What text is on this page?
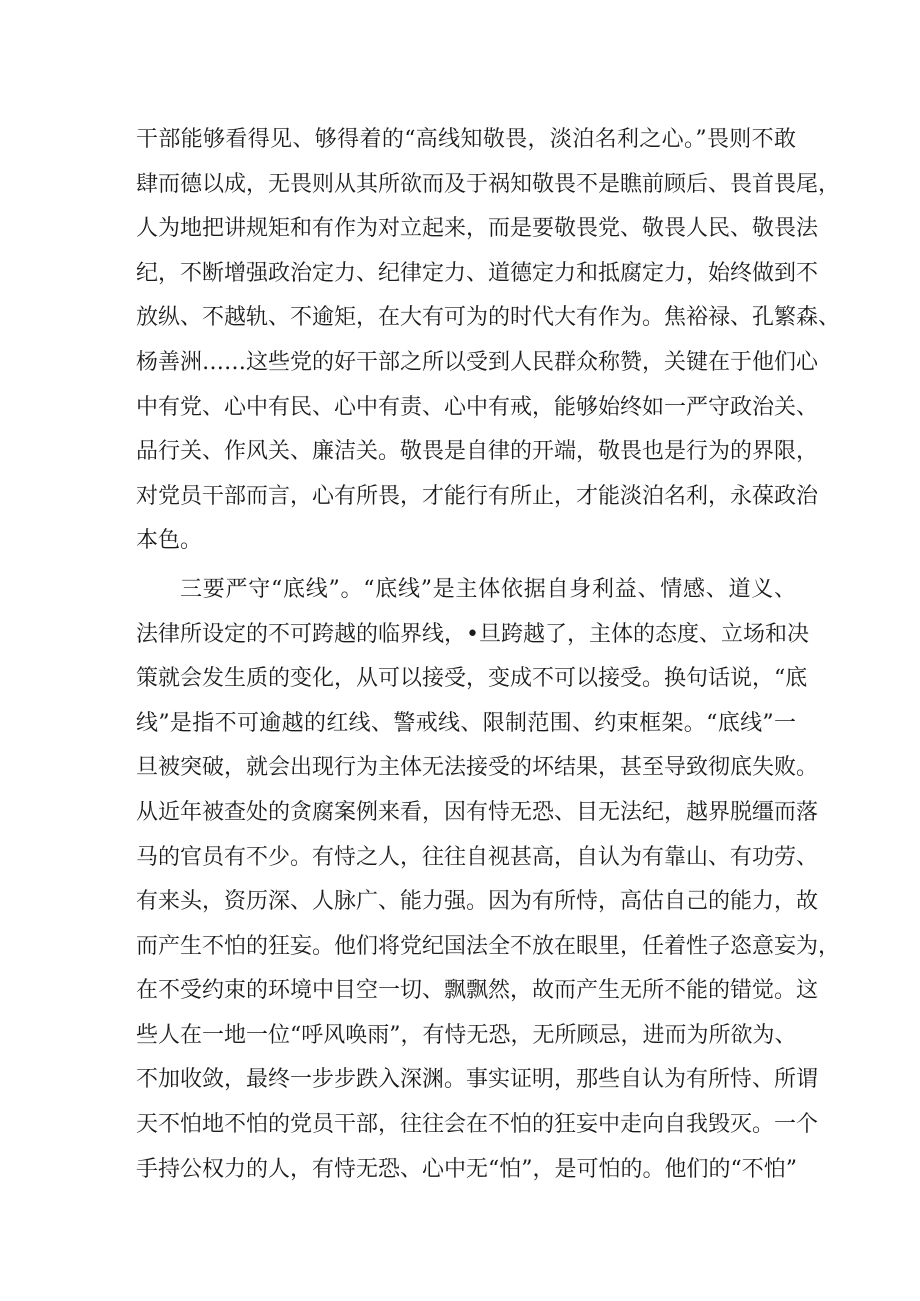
干部能够看得见、够得着的“高线知敬畏，淡泊名利之心。”畏则不敢
肆而德以成，无畏则从其所欲而及于祸知敬畏不是瞧前顾后、畏首畏尾，
人为地把讲规矩和有作为对立起来，而是要敬畏党、敬畏人民、敬畏法
纪，不断增强政治定力、纪律定力、道德定力和抵腐定力，始终做到不
放纵、不越轨、不逾矩，在大有可为的时代大有作为。焦裕禄、孔繁森、
杨善洲……这些党的好干部之所以受到人民群众称赞，关键在于他们心
中有党、心中有民、心中有责、心中有戒，能够始终如一严守政治关、
品行关、作风关、廉洁关。敬畏是自律的开端，敬畏也是行为的界限，
对党员干部而言，心有所畏，才能行有所止，才能淡泊名利，永葆政治
本色。
三要严守“底线”。“底线”是主体依据自身利益、情感、道义、
法律所设定的不可跨越的临界线，•旦跨越了，主体的态度、立场和决
策就会发生质的变化，从可以接受，变成不可以接受。换句话说，“底
线”是指不可逾越的红线、警戒线、限制范围、约束框架。“底线”一
旦被突破，就会出现行为主体无法接受的坏结果，甚至导致彻底失败。
从近年被查处的贪腐案例来看，因有恃无恐、目无法纪，越界脱缰而落
马的官员有不少。有恃之人，往往自视甚高，自认为有靠山、有功劳、
有来头，资历深、人脉广、能力强。因为有所恃，高估自己的能力，故
而产生不怕的狂妄。他们将党纪国法全不放在眼里，任着性子恣意妄为，
在不受约束的环境中目空一切、飘飘然，故而产生无所不能的错觉。这
些人在一地一位“呼风唤雨”，有恃无恐，无所顾忌，进而为所欲为、
不加收敛，最终一步步跌入深渊。事实证明，那些自认为有所恃、所谓
天不怕地不怕的党员干部，往往会在不怕的狂妄中走向自我毁灭。一个
手持公权力的人，有恃无恐、心中无“怕”，是可怕的。他们的“不怕”
